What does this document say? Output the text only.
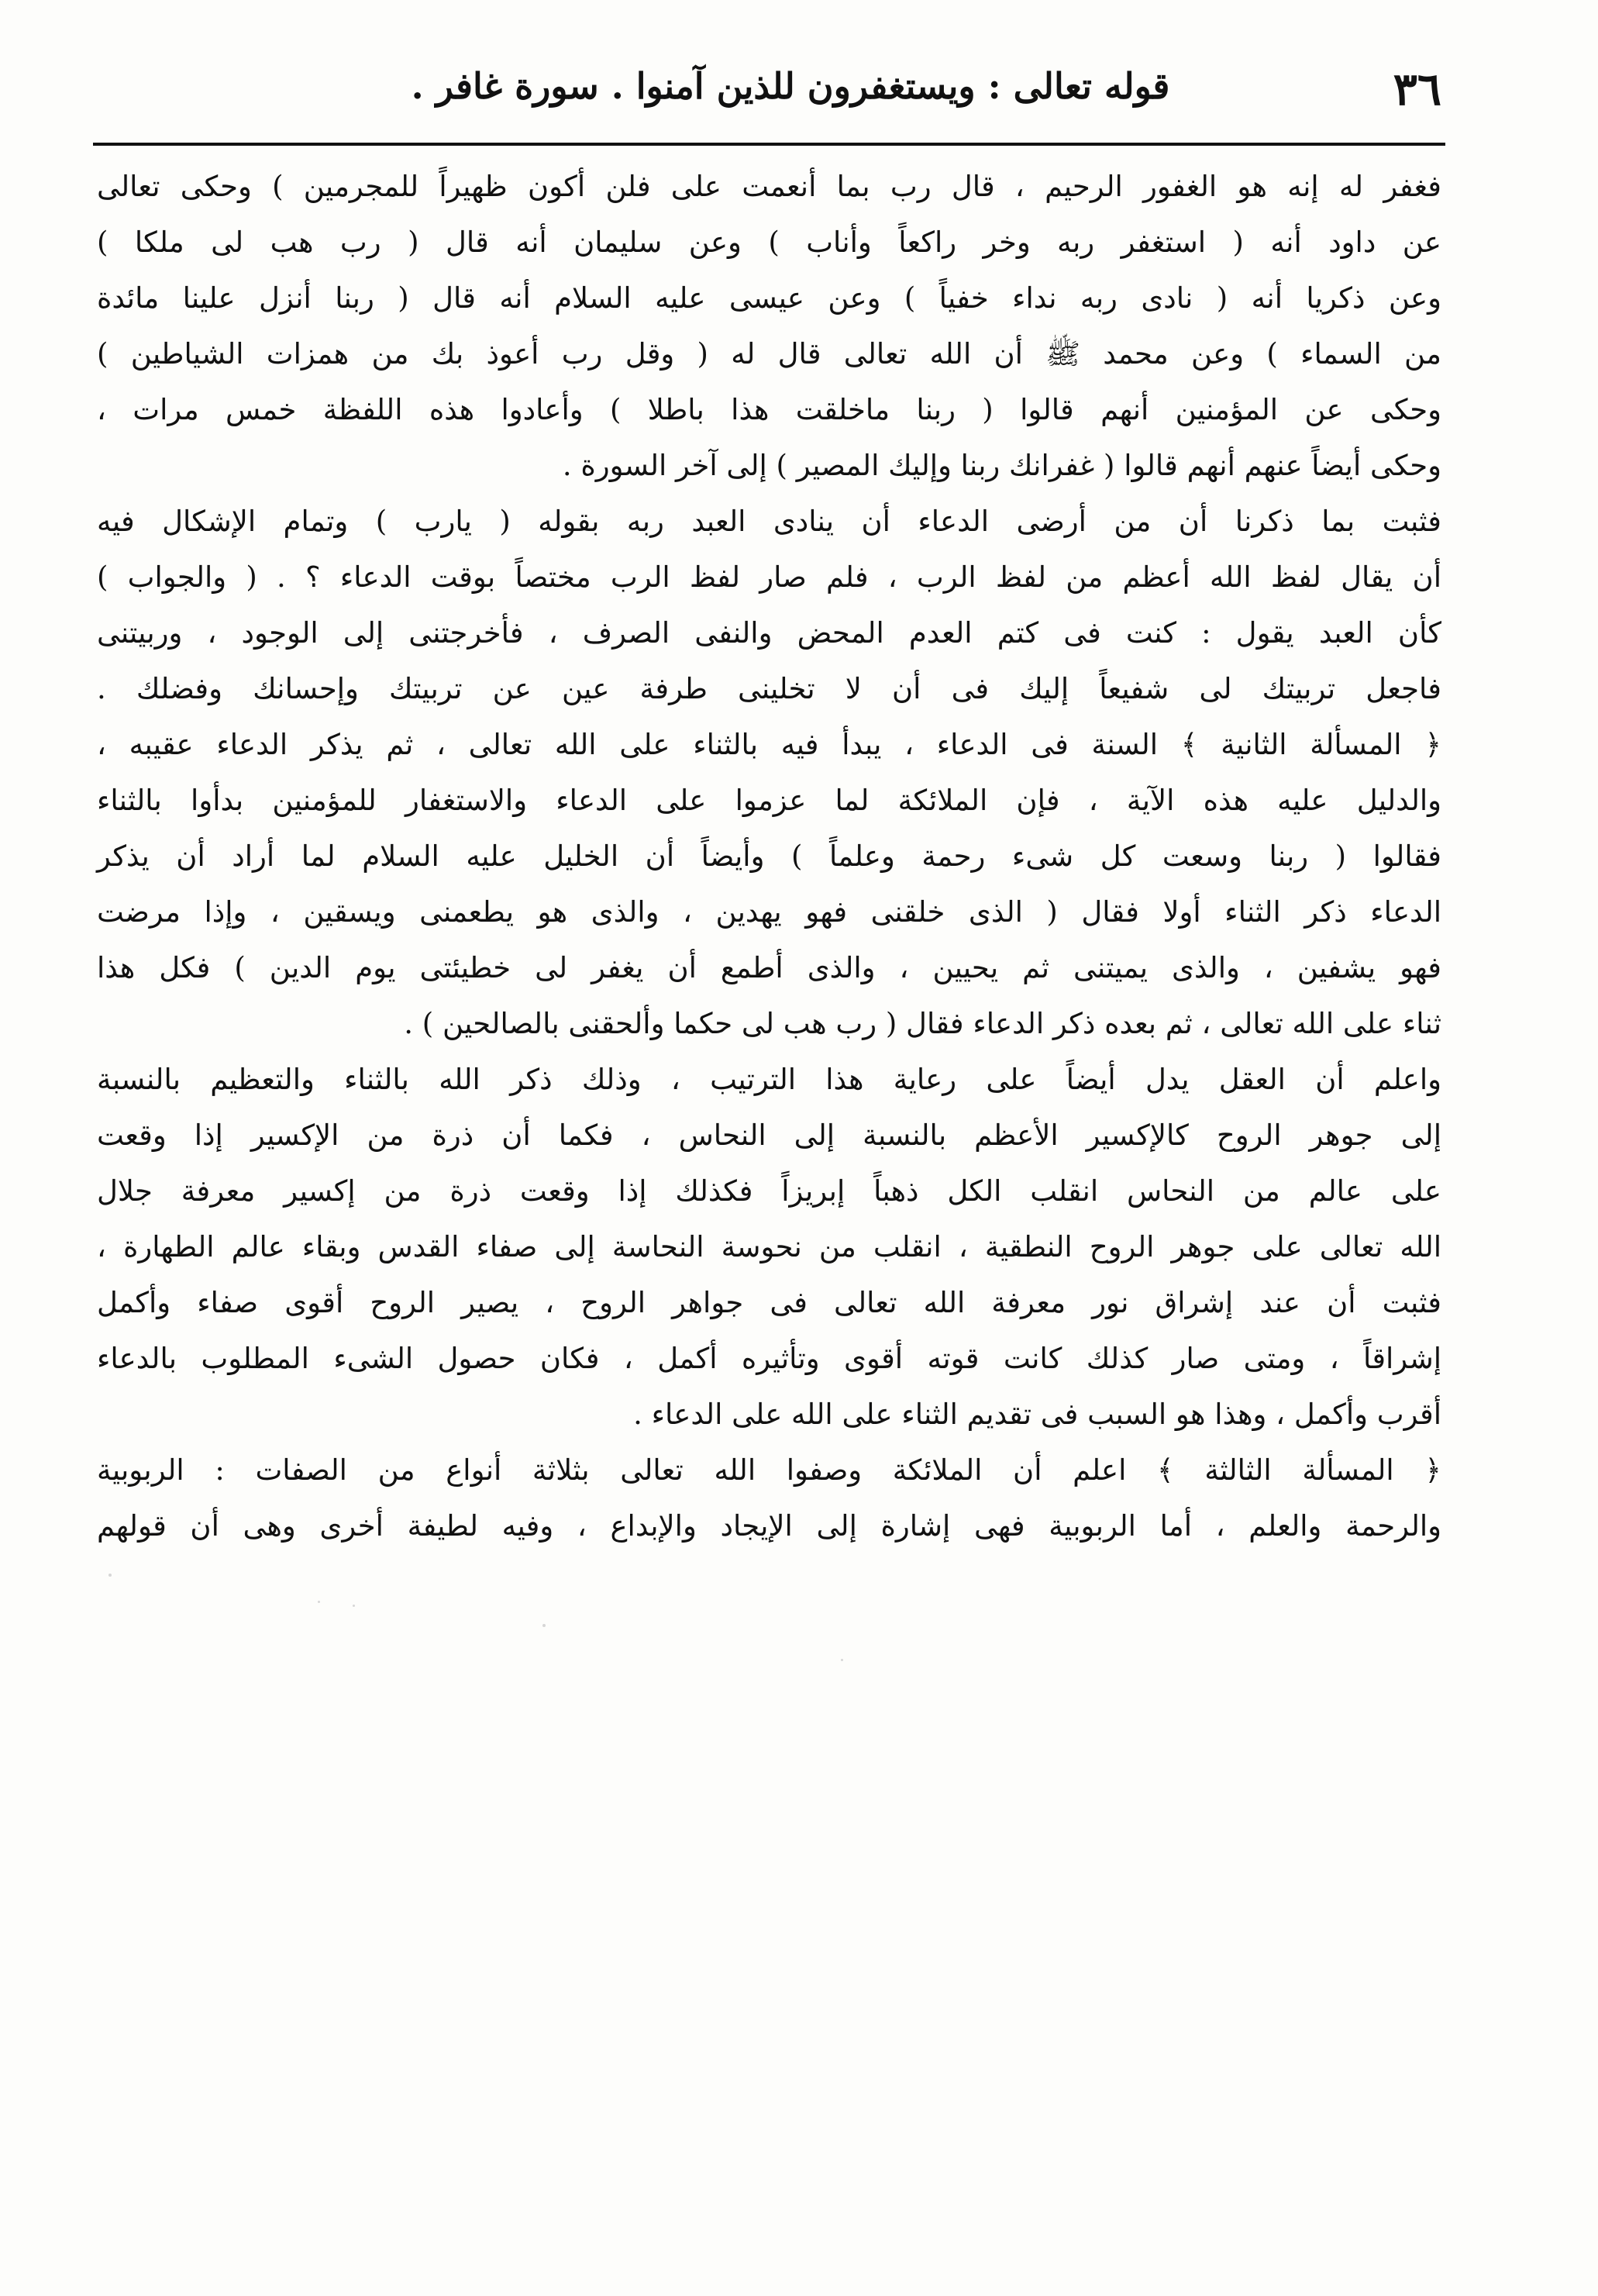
٣٦
قوله تعالى : ويستغفرون للذين آمنوا . سورة غافر .
فغفر له إنه هو الغفور الرحيم ، قال رب بما أنعمت على فلن أكون ظهيراً للمجرمين ) وحكى تعالى
عن داود أنه ( استغفر ربه وخر راكعاً وأناب ) وعن سليمان أنه قال ( رب هب لى ملكا )
وعن ذكريا أنه ( نادى ربه نداء خفياً ) وعن عيسى عليه السلام أنه قال ( ربنا أنزل علينا مائدة
من السماء ) وعن محمد ﷺ أن الله تعالى قال له ( وقل رب أعوذ بك من همزات الشياطين )
وحكى عن المؤمنين أنهم قالوا ( ربنا ماخلقت هذا باطلا ) وأعادوا هذه اللفظة خمس مرات ،
وحكى أيضاً عنهم أنهم قالوا ( غفرانك ربنا وإليك المصير ) إلى آخر السورة .
فثبت بما ذكرنا أن من أرضى الدعاء أن ينادى العبد ربه بقوله ( يارب ) وتمام الإشكال فيه
أن يقال لفظ الله أعظم من لفظ الرب ، فلم صار لفظ الرب مختصاً بوقت الدعاء ؟ . ( والجواب )
كأن العبد يقول : كنت فى كتم العدم المحض والنفى الصرف ، فأخرجتنى إلى الوجود ، وربيتنى
فاجعل تربيتك لى شفيعاً إليك فى أن لا تخلينى طرفة عين عن تربيتك وإحسانك وفضلك .
﴿ المسألة الثانية ﴾ السنة فى الدعاء ، يبدأ فيه بالثناء على الله تعالى ، ثم يذكر الدعاء عقيبه ،
والدليل عليه هذه الآية ، فإن الملائكة لما عزموا على الدعاء والاستغفار للمؤمنين بدأوا بالثناء
فقالوا ( ربنا وسعت كل شىء رحمة وعلماً ) وأيضاً أن الخليل عليه السلام لما أراد أن يذكر
الدعاء ذكر الثناء أولا فقال ( الذى خلقنى فهو يهدين ، والذى هو يطعمنى ويسقين ، وإذا مرضت
فهو يشفين ، والذى يميتنى ثم يحيين ، والذى أطمع أن يغفر لى خطيئتى يوم الدين ) فكل هذا
ثناء على الله تعالى ، ثم بعده ذكر الدعاء فقال ( رب هب لى حكما وألحقنى بالصالحين ) .
واعلم أن العقل يدل أيضاً على رعاية هذا الترتيب ، وذلك ذكر الله بالثناء والتعظيم بالنسبة
إلى جوهر الروح كالإكسير الأعظم بالنسبة إلى النحاس ، فكما أن ذرة من الإكسير إذا وقعت
على عالم من النحاس انقلب الكل ذهباً إبريزاً فكذلك إذا وقعت ذرة من إكسير معرفة جلال
الله تعالى على جوهر الروح النطقية ، انقلب من نحوسة النحاسة إلى صفاء القدس وبقاء عالم الطهارة ،
فثبت أن عند إشراق نور معرفة الله تعالى فى جواهر الروح ، يصير الروح أقوى صفاء وأكمل
إشراقاً ، ومتى صار كذلك كانت قوته أقوى وتأثيره أكمل ، فكان حصول الشىء المطلوب بالدعاء
أقرب وأكمل ، وهذا هو السبب فى تقديم الثناء على الله على الدعاء .
﴿ المسألة الثالثة ﴾ اعلم أن الملائكة وصفوا الله تعالى بثلاثة أنواع من الصفات : الربوبية
والرحمة والعلم ، أما الربوبية فهى إشارة إلى الإيجاد والإبداع ، وفيه لطيفة أخرى وهى أن قولهم
